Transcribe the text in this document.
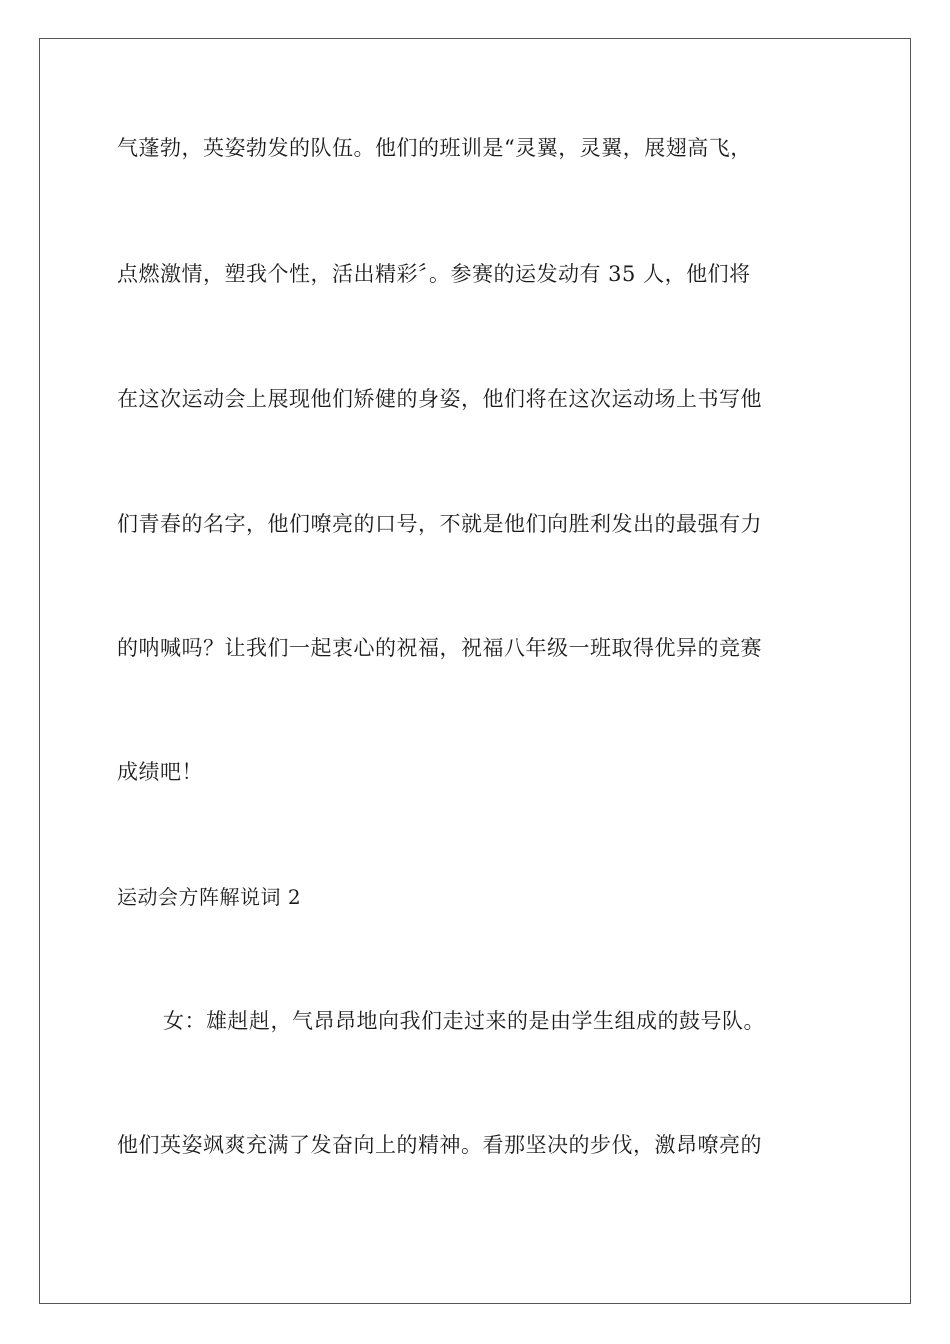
气蓬勃，英姿勃发的队伍。他们的班训是“灵翼，灵翼，展翅高飞，
点燃激情，塑我个性，活出精彩〞。参赛的运发动有 35 人，他们将
在这次运动会上展现他们矫健的身姿，他们将在这次运动场上书写他
们青春的名字，他们嘹亮的口号，不就是他们向胜利发出的最强有力
的呐喊吗？让我们一起衷心的祝福，祝福八年级一班取得优异的竞赛
成绩吧！
运动会方阵解说词 2
女：雄赳赳，气昂昂地向我们走过来的是由学生组成的鼓号队。
他们英姿飒爽充满了发奋向上的精神。看那坚决的步伐，激昂嘹亮的
